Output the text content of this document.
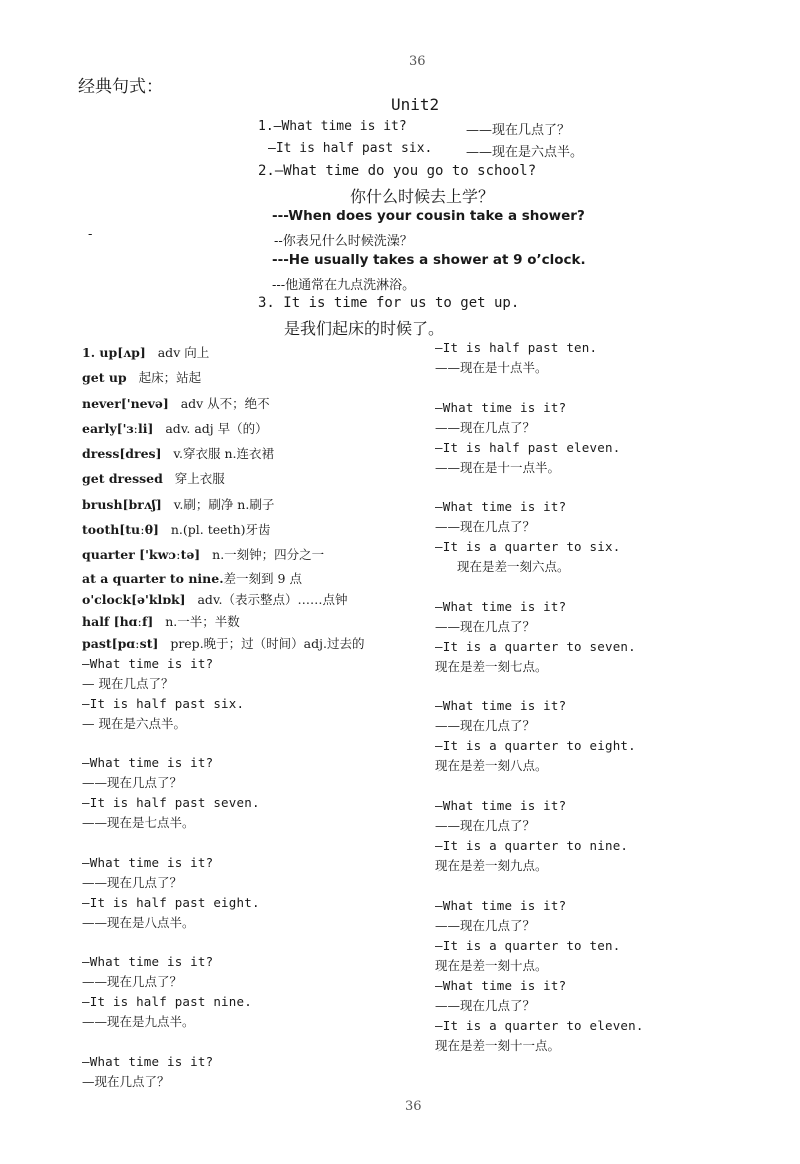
36
经典句式：
Unit2
1.—What time is it?	——现在几点了？
—It is half past six.	——现在是六点半。
2.—What time do you go to school?
你什么时候去上学？
---When does your cousin take a shower?
-	--你表兄什么时候洗澡？
---He usually takes a shower at 9 o’clock.
---他通常在九点洗淋浴。
3. It is time for us to get up.
是我们起床的时候了。
1. up[ʌp] adv 向上
get up 起床；站起
never['nevə] adv 从不；绝不
early['ɜːli] adv. adj 早（的）
dress[dres] v.穿衣服 n.连衣裙
get dressed 穿上衣服
brush[brʌʃ] v.刷；刷净 n.刷子
tooth[tuːθ] n.(pl. teeth)牙齿
quarter ['kwɔːtə] n.一刻钟；四分之一
at a quarter to nine.差一刻到 9 点
o'clock[ə'klɒk] adv.（表示整点）……点钟
half [hɑːf] n.一半；半数
past[pɑːst] prep.晚于；过（时间）adj.过去的
—What time is it?
— 现在几点了？
—It is half past six.
— 现在是六点半。
—What time is it?
——现在几点了？
—It is half past seven.
——现在是七点半。
—What time is it?
——现在几点了？
—It is half past eight.
——现在是八点半。
—What time is it?
——现在几点了？
—It is half past nine.
——现在是九点半。
—What time is it?
—现在几点了？
—It is half past ten.
——现在是十点半。
—What time is it?
——现在几点了？
—It is half past eleven.
——现在是十一点半。
—What time is it?
——现在几点了？
—It is a quarter to six.
现在是差一刻六点。
—What time is it?
——现在几点了？
—It is a quarter to seven.
现在是差一刻七点。
—What time is it?
——现在几点了？
—It is a quarter to eight.
现在是差一刻八点。
—What time is it?
——现在几点了？
—It is a quarter to nine.
现在是差一刻九点。
—What time is it?
——现在几点了？
—It is a quarter to ten.
现在是差一刻十点。
—What time is it?
——现在几点了？
—It is a quarter to eleven.
现在是差一刻十一点。
36
